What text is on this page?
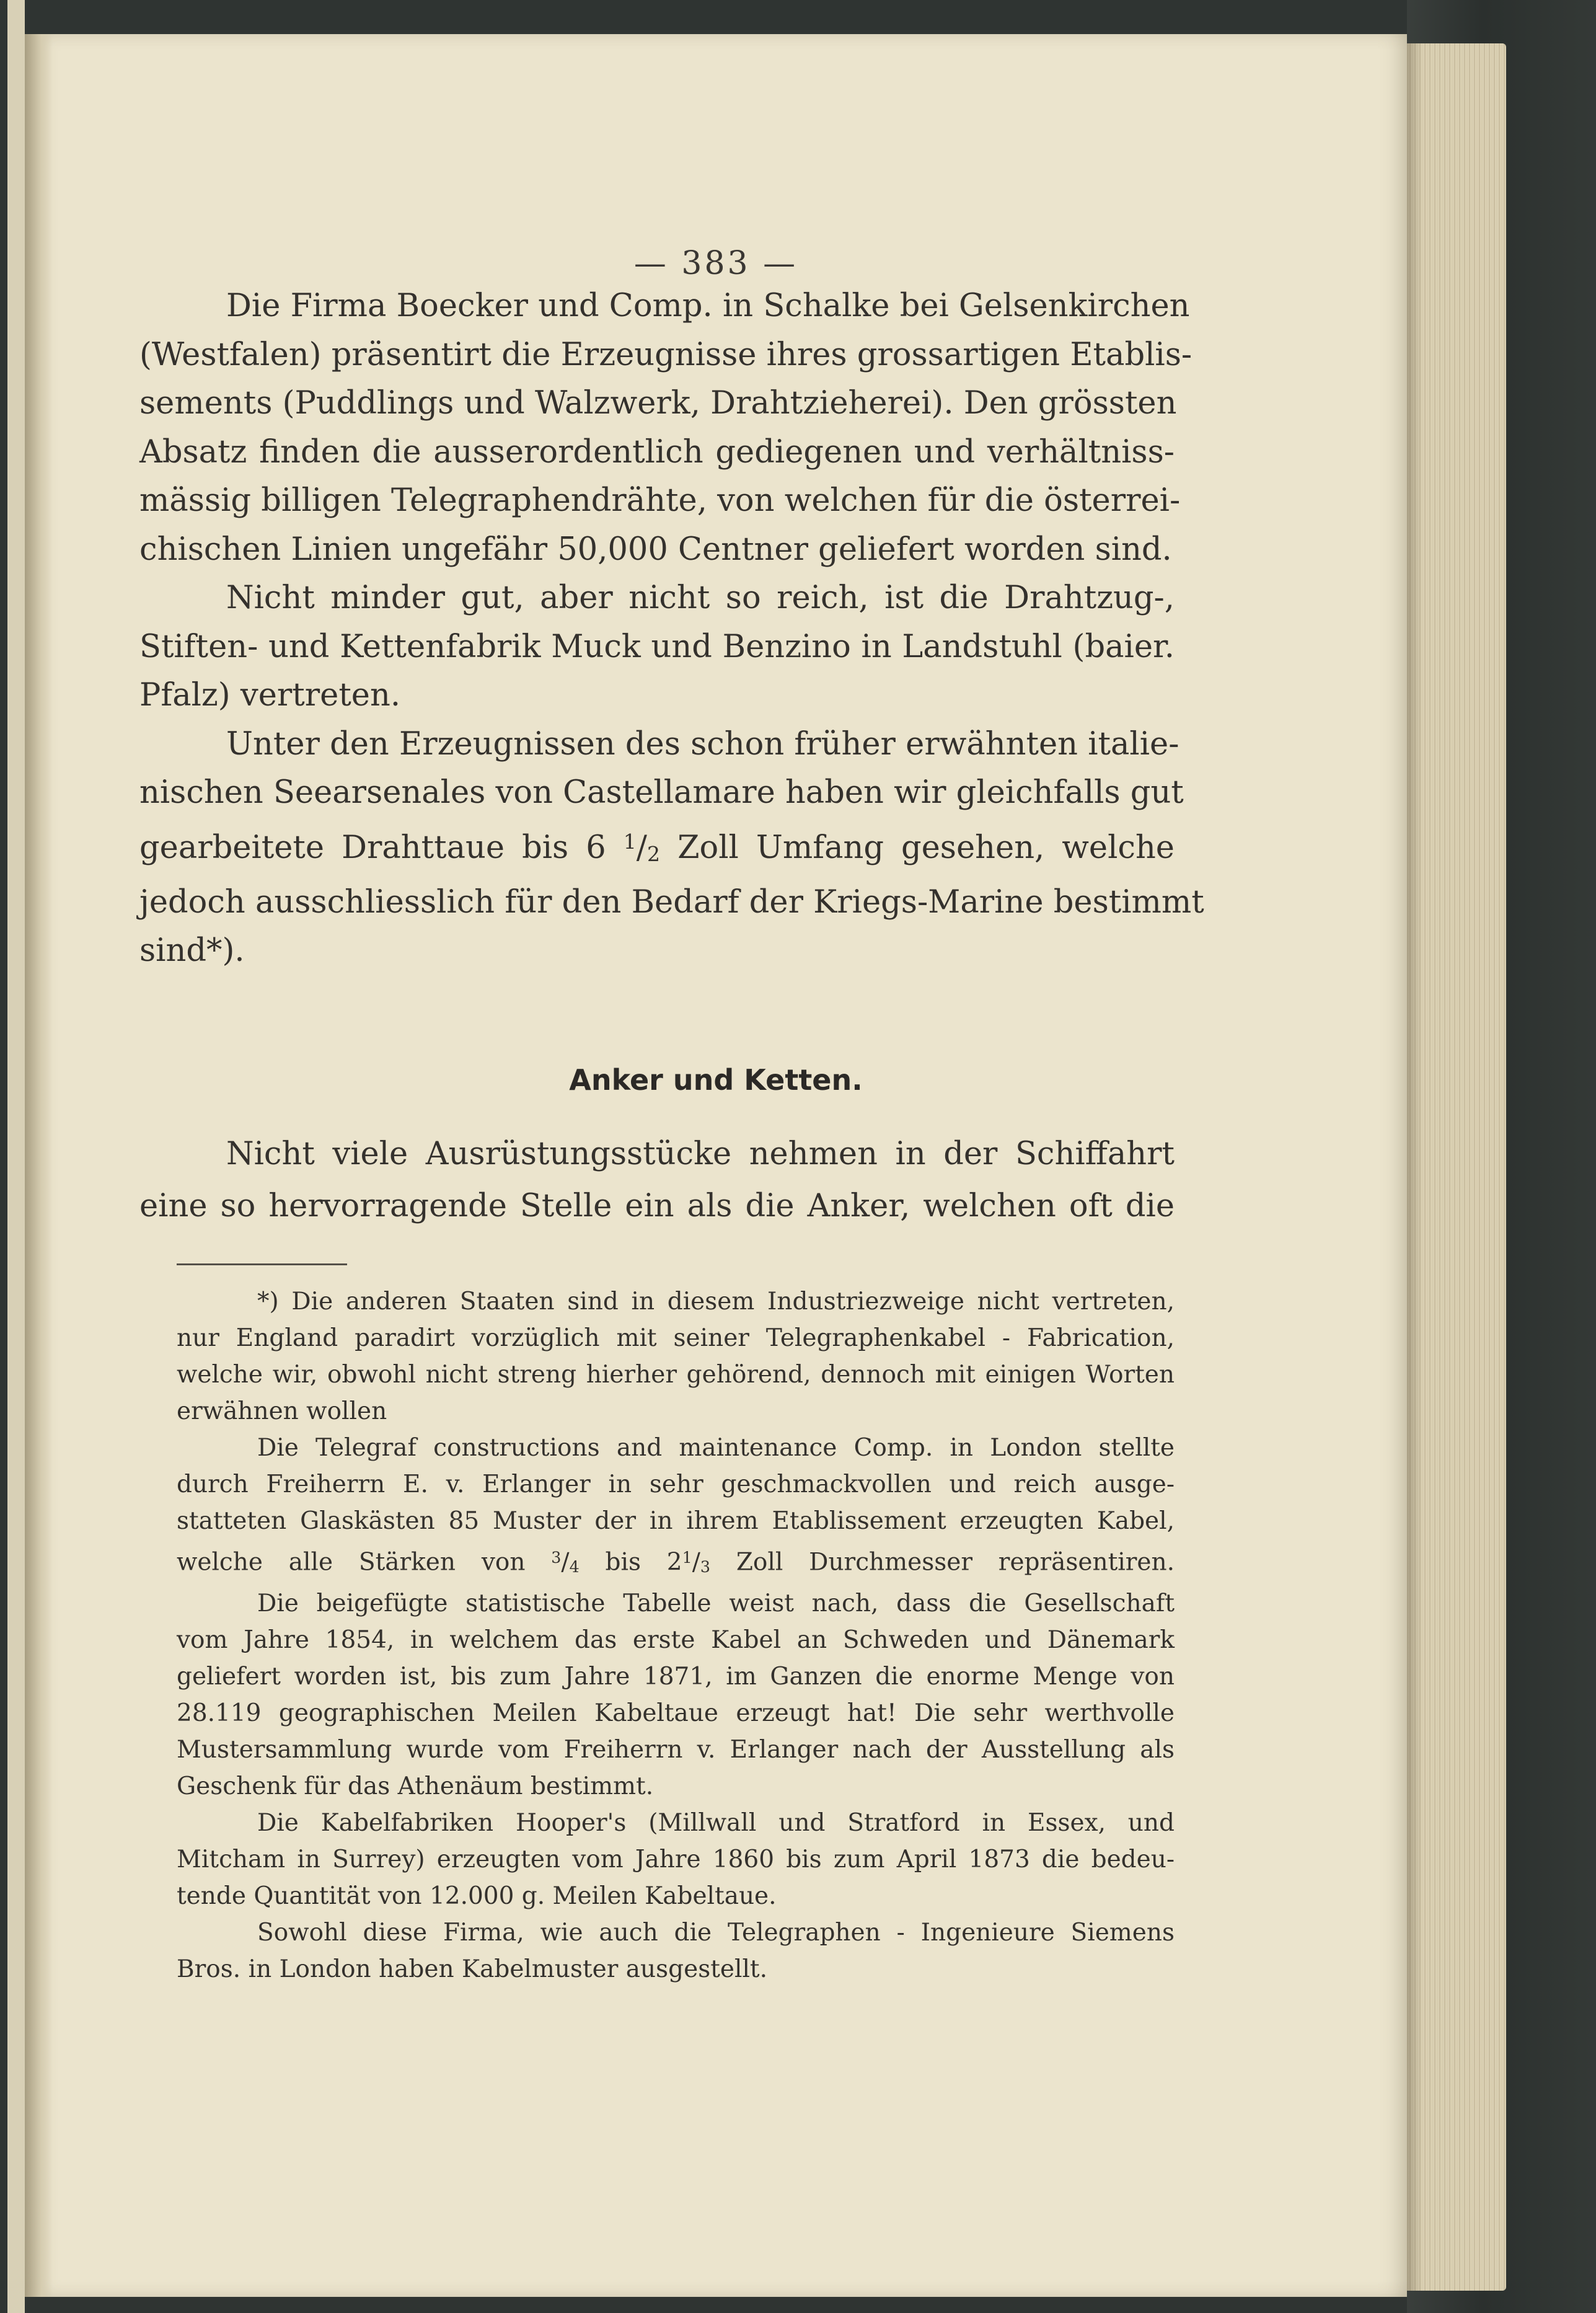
— 383 —
Anker und Ketten.
Die Firma Boecker und Comp. in Schalke bei Gelsenkirchen
(Westfalen) präsentirt die Erzeugnisse ihres grossartigen Etablis-
sements (Puddlings und Walzwerk, Drahtzieherei). Den grössten
Absatz finden die ausserordentlich gediegenen und verhältniss-
mässig billigen Telegraphendrähte, von welchen für die österrei-
chischen Linien ungefähr 50,000 Centner geliefert worden sind.
Nicht minder gut, aber nicht so reich, ist die Drahtzug-,
Stiften- und Kettenfabrik Muck und Benzino in Landstuhl (baier.
Pfalz) vertreten.
Unter den Erzeugnissen des schon früher erwähnten italie-
nischen Seearsenales von Castellamare haben wir gleichfalls gut
gearbeitete Drahttaue bis 6 $^1$/2 Zoll Umfang gesehen, welche
jedoch ausschliesslich für den Bedarf der Kriegs-Marine bestimmt
sind*).
Nicht viele Ausrüstungsstücke nehmen in der Schiffahrt
eine so hervorragende Stelle ein als die Anker, welchen oft die
*) Die anderen Staaten sind in diesem Industriezweige nicht vertreten,
nur England paradirt vorzüglich mit seiner Telegraphenkabel - Fabrication,
welche wir, obwohl nicht streng hierher gehörend, dennoch mit einigen Worten
erwähnen wollen
Die Telegraf constructions and maintenance Comp. in London stellte
durch Freiherrn E. v. Erlanger in sehr geschmackvollen und reich ausge-
statteten Glaskästen 85 Muster der in ihrem Etablissement erzeugten Kabel,
welche alle Stärken von $^3$/4 bis $2^1/3$ Zoll Durchmesser repräsentiren.
Die beigefügte statistische Tabelle weist nach, dass die Gesellschaft
vom Jahre 1854, in welchem das erste Kabel an Schweden und Dänemark
geliefert worden ist, bis zum Jahre 1871, im Ganzen die enorme Menge von
28.119 geographischen Meilen Kabeltaue erzeugt hat! Die sehr werthvolle
Mustersammlung wurde vom Freiherrn v. Erlanger nach der Ausstellung als
Geschenk für das Athenäum bestimmt.
Die Kabelfabriken Hooper's (Millwall und Stratford in Essex, und
Mitcham in Surrey) erzeugten vom Jahre 1860 bis zum April 1873 die bedeu-
tende Quantität von 12.000 g. Meilen Kabeltaue.
Sowohl diese Firma, wie auch die Telegraphen - Ingenieure Siemens
Bros. in London haben Kabelmuster ausgestellt.
